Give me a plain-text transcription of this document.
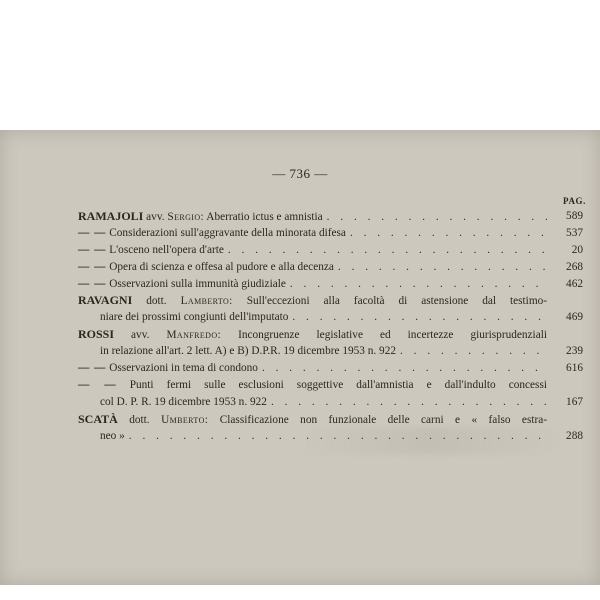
— 736 —
PAG.
RAMAJOLI avv. Sergio: Aberratio ictus e amnistia . . .	589
— — Considerazioni sull'aggravante della minorata difesa . . .	537
— — L'osceno nell'opera d'arte . . .	20
— — Opera di scienza e offesa al pudore e alla decenza . . .	268
— — Osservazioni sulla immunità giudiziale . . .	462
RAVAGNI dott. Lamberto: Sull'eccezioni alla facoltà di astensione dal testimo-
niare dei prossimi congiunti dell'imputato . . .	469
ROSSI avv. Manfredo: Incongruenze legislative ed incertezze giurisprudenziali
in relazione all'art. 2 lett. A) e B) D.P.R. 19 dicembre 1953 n. 922 . . .	239
— — Osservazioni in tema di condono . . .	616
— — Punti fermi sulle esclusioni soggettive dall'amnistia e dall'indulto concessi
col D. P. R. 19 dicembre 1953 n. 922 . . .	167
SCATÀ dott. Umberto: Classificazione non funzionale delle carni e « falso estra-
neo » . . .	288
